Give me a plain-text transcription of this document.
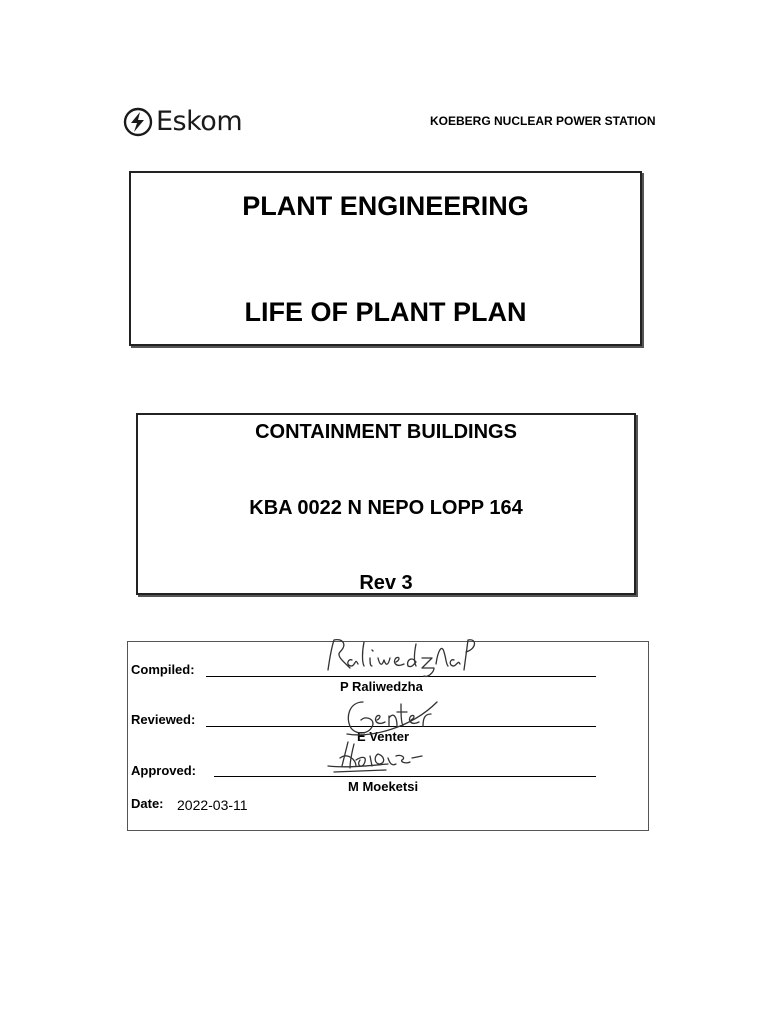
Eskom	KOEBERG NUCLEAR POWER STATION
PLANT ENGINEERING
LIFE OF PLANT PLAN
CONTAINMENT BUILDINGS
KBA 0022 N NEPO LOPP 164
Rev 3
Compiled:
P Raliwedzha
Reviewed:
E Venter
Approved:
M Moeketsi
Date: 2022-03-11
